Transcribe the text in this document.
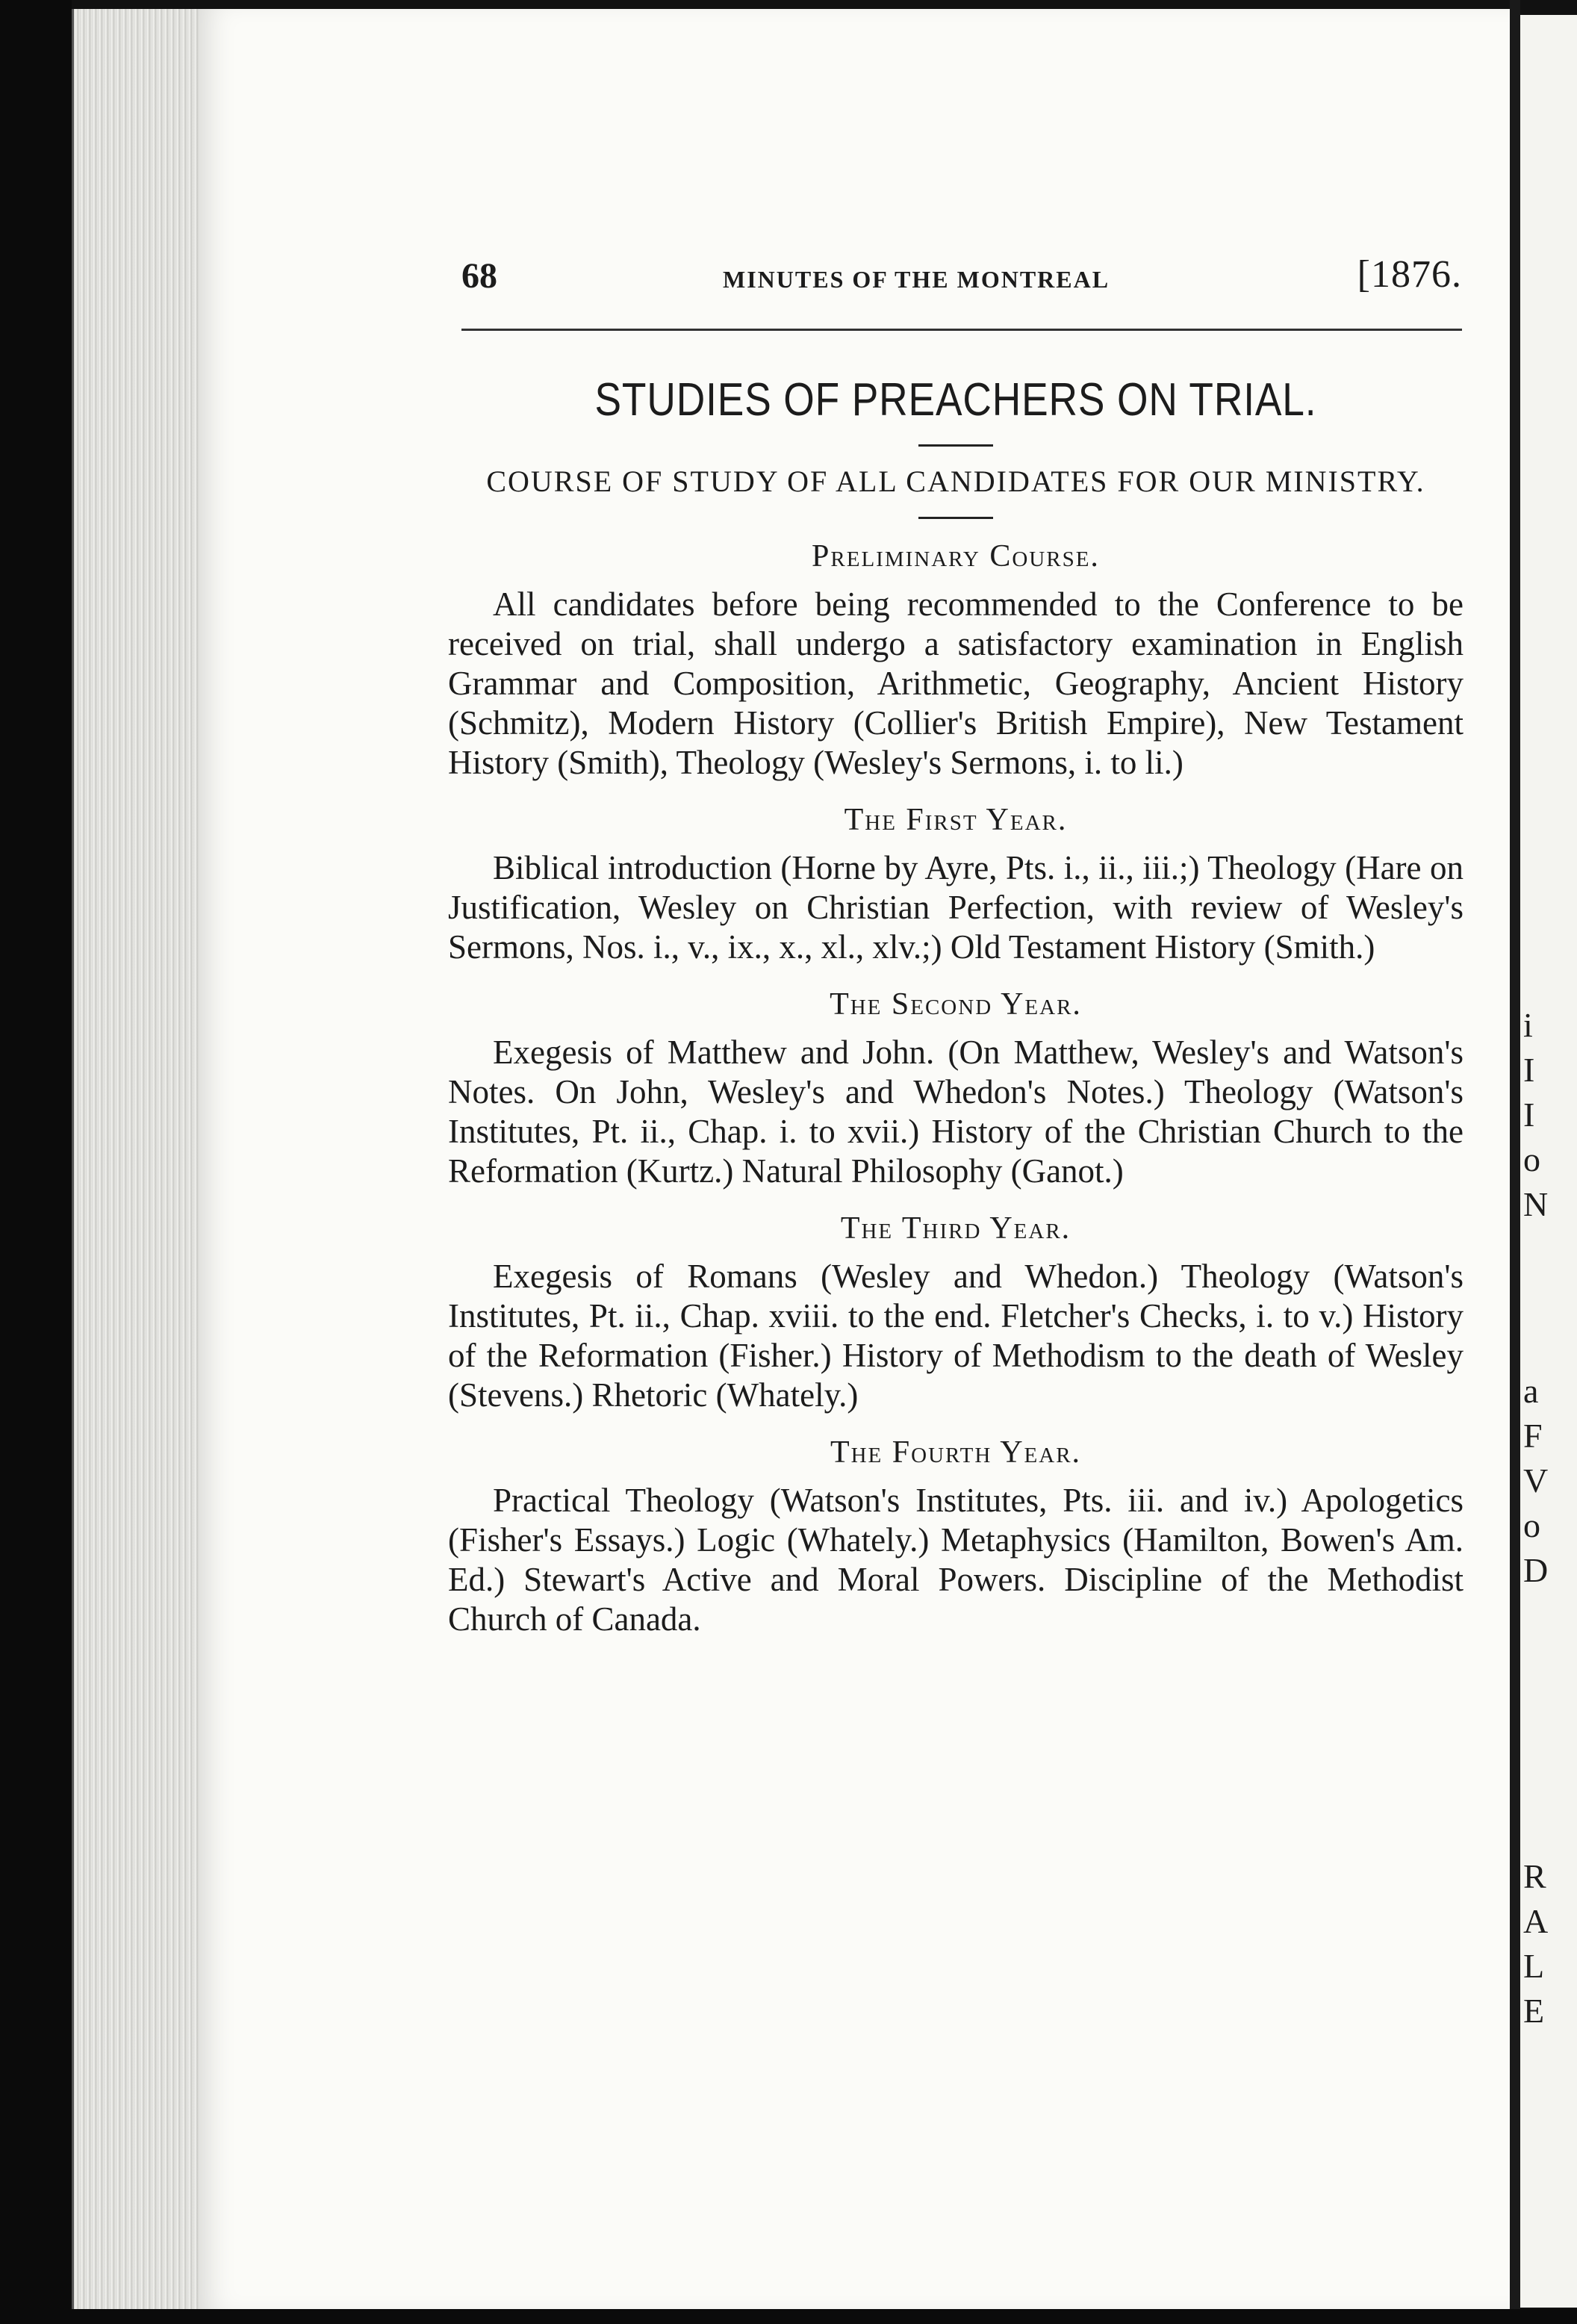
68	MINUTES OF THE MONTREAL	[1876.
STUDIES OF PREACHERS ON TRIAL.
COURSE OF STUDY OF ALL CANDIDATES FOR OUR MINISTRY.
Preliminary Course.

All candidates before being recommended to the Conference to be received on trial, shall undergo a satisfactory examination in English Grammar and Composition, Arithmetic, Geography, Ancient History (Schmitz), Modern History (Collier's British Empire), New Testament History (Smith), Theology (Wesley's Sermons, i. to li.)

The First Year.

Biblical introduction (Horne by Ayre, Pts. i., ii., iii.;) Theology (Hare on Justification, Wesley on Christian Perfection, with review of Wesley's Sermons, Nos. i., v., ix., x., xl., xlv.;) Old Testament History (Smith.)

The Second Year.

Exegesis of Matthew and John. (On Matthew, Wesley's and Watson's Notes. On John, Wesley's and Whedon's Notes.) Theology (Watson's Institutes, Pt. ii., Chap. i. to xvii.) History of the Christian Church to the Reformation (Kurtz.) Natural Philosophy (Ganot.)

The Third Year.

Exegesis of Romans (Wesley and Whedon.) Theology (Watson's Institutes, Pt. ii., Chap. xviii. to the end. Fletcher's Checks, i. to v.) History of the Reformation (Fisher.) History of Methodism to the death of Wesley (Stevens.) Rhetoric (Whately.)

The Fourth Year.

Practical Theology (Watson's Institutes, Pts. iii. and iv.) Apologetics (Fisher's Essays.) Logic (Whately.) Metaphysics (Hamilton, Bowen's Am. Ed.) Stewart's Active and Moral Powers. Discipline of the Methodist Church of Canada.

i
I
I
o
N
a
F
V
o
D
R
A
L
E
